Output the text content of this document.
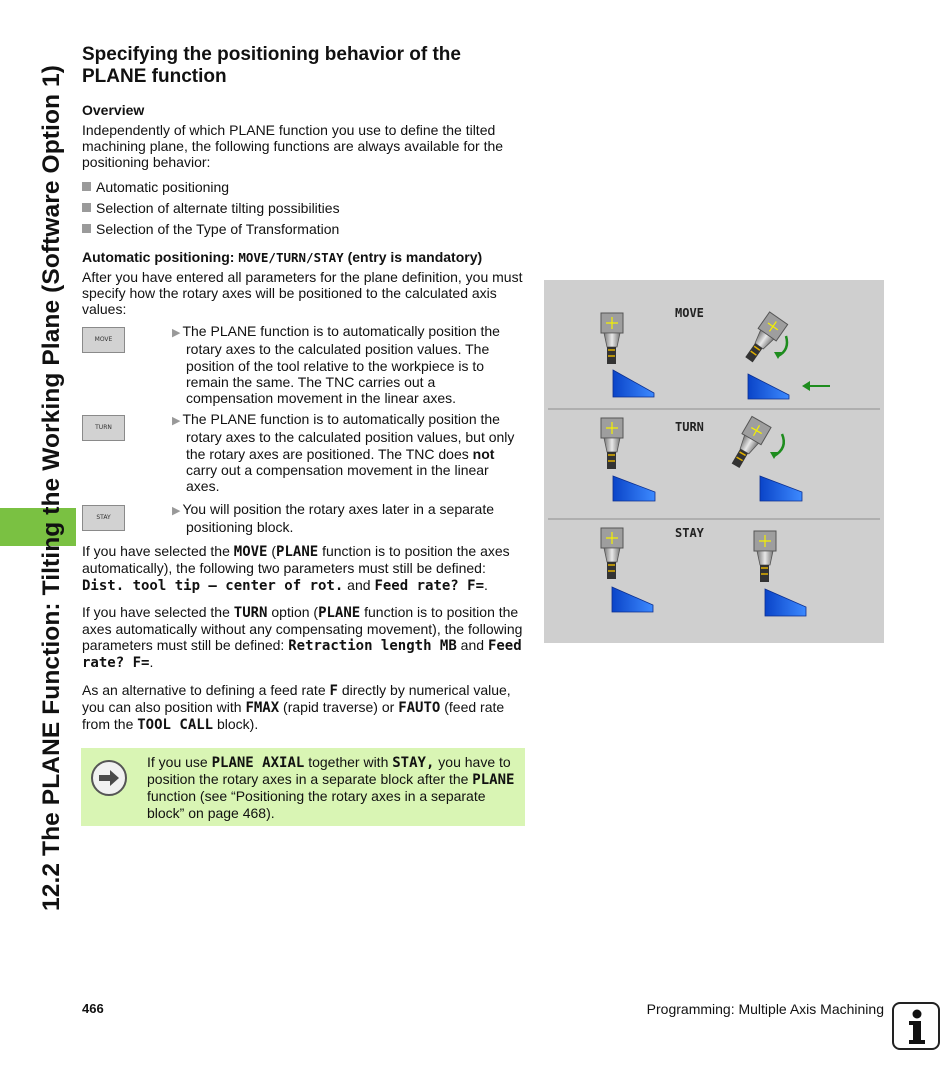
12.2 The PLANE Function: Tilting the Working Plane (Software Option 1)
Specifying the positioning behavior of the PLANE function
Overview

Independently of which PLANE function you use to define the tilted machining plane, the following functions are always available for the positioning behavior:

Automatic positioning
Selection of alternate tilting possibilities
Selection of the Type of Transformation
Automatic positioning: MOVE/TURN/STAY (entry is mandatory)

After you have entered all parameters for the plane definition, you must specify how the rotary axes will be positioned to the calculated axis values:

MOVE
▶ The PLANE function is to automatically position the
rotary axes to the calculated position values. The position of the tool relative to the workpiece is to remain the same. The TNC carries out a compensation movement in the linear axes.
TURN
▶ The PLANE function is to automatically position the
rotary axes to the calculated position values, but only the rotary axes are positioned. The TNC does not carry out a compensation movement in the linear axes.
STAY
▶ You will position the rotary axes later in a separate
positioning block.

If you have selected the MOVE (PLANE function is to position the axes automatically), the following two parameters must still be defined: Dist. tool tip – center of rot. and Feed rate? F=.

If you have selected the TURN option (PLANE function is to position the axes automatically without any compensating movement), the following parameters must still be defined: Retraction length MB and Feed rate? F=.

As an alternative to defining a feed rate F directly by numerical value, you can also position with FMAX (rapid traverse) or FAUTO (feed rate from the TOOL CALL block).

If you use PLANE AXIAL together with STAY, you have to position the rotary axes in a separate block after the PLANE function (see “Positioning the rotary axes in a separate block” on page 468).
MOVE
TURN
STAY
466	Programming: Multiple Axis Machining
